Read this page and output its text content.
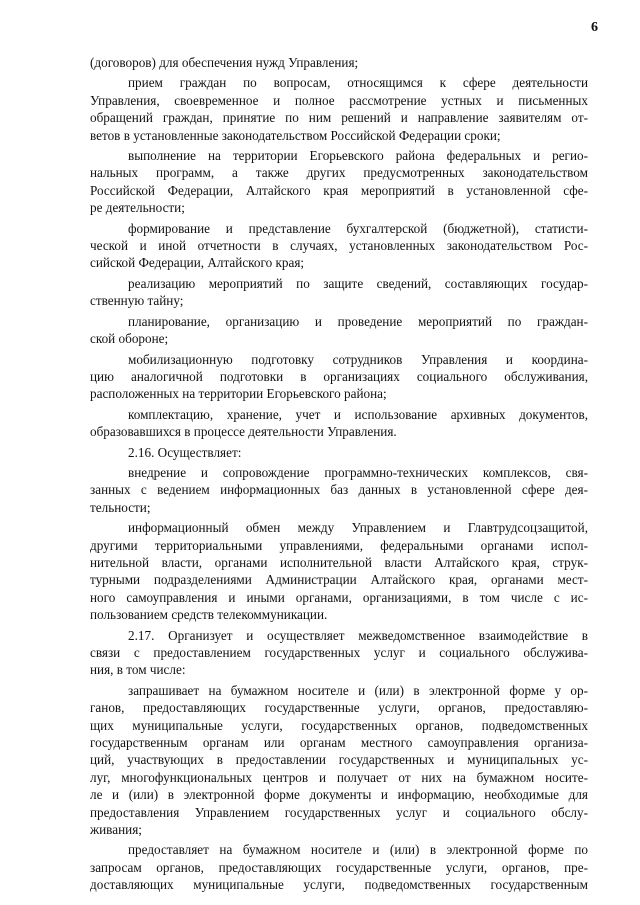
6
(договоров) для обеспечения нужд Управления;
прием граждан по вопросам, относящимся к сфере деятельности
Управления, своевременное и полное рассмотрение устных и письменных
обращений граждан, принятие по ним решений и направление заявителям от-
ветов в установленные законодательством Российской Федерации сроки;
выполнение на территории Егорьевского района федеральных и регио-
нальных программ, а также других предусмотренных законодательством
Российской Федерации, Алтайского края мероприятий в установленной сфе-
ре деятельности;
формирование и представление бухгалтерской (бюджетной), статисти-
ческой и иной отчетности в случаях, установленных законодательством Рос-
сийской Федерации, Алтайского края;
реализацию мероприятий по защите сведений, составляющих государ-
ственную тайну;
планирование, организацию и проведение мероприятий по граждан-
ской обороне;
мобилизационную подготовку сотрудников Управления и координа-
цию аналогичной подготовки в организациях социального обслуживания,
расположенных на территории Егорьевского района;
комплектацию, хранение, учет и использование архивных документов,
образовавшихся в процессе деятельности Управления.
2.16. Осуществляет:
внедрение и сопровождение программно-технических комплексов, свя-
занных с ведением информационных баз данных в установленной сфере дея-
тельности;
информационный обмен между Управлением и Главтрудсоцзащитой,
другими территориальными управлениями, федеральными органами испол-
нительной власти, органами исполнительной власти Алтайского края, струк-
турными подразделениями Администрации Алтайского края, органами мест-
ного самоуправления и иными органами, организациями, в том числе с ис-
пользованием средств телекоммуникации.
2.17. Организует и осуществляет межведомственное взаимодействие в
связи с предоставлением государственных услуг и социального обслужива-
ния, в том числе:
запрашивает на бумажном носителе и (или) в электронной форме у ор-
ганов, предоставляющих государственные услуги, органов, предоставляю-
щих муниципальные услуги, государственных органов, подведомственных
государственным органам или органам местного самоуправления организа-
ций, участвующих в предоставлении государственных и муниципальных ус-
луг, многофункциональных центров и получает от них на бумажном носите-
ле и (или) в электронной форме документы и информацию, необходимые для
предоставления Управлением государственных услуг и социального обслу-
живания;
предоставляет на бумажном носителе и (или) в электронной форме по
запросам органов, предоставляющих государственные услуги, органов, пре-
доставляющих муниципальные услуги, подведомственных государственным
